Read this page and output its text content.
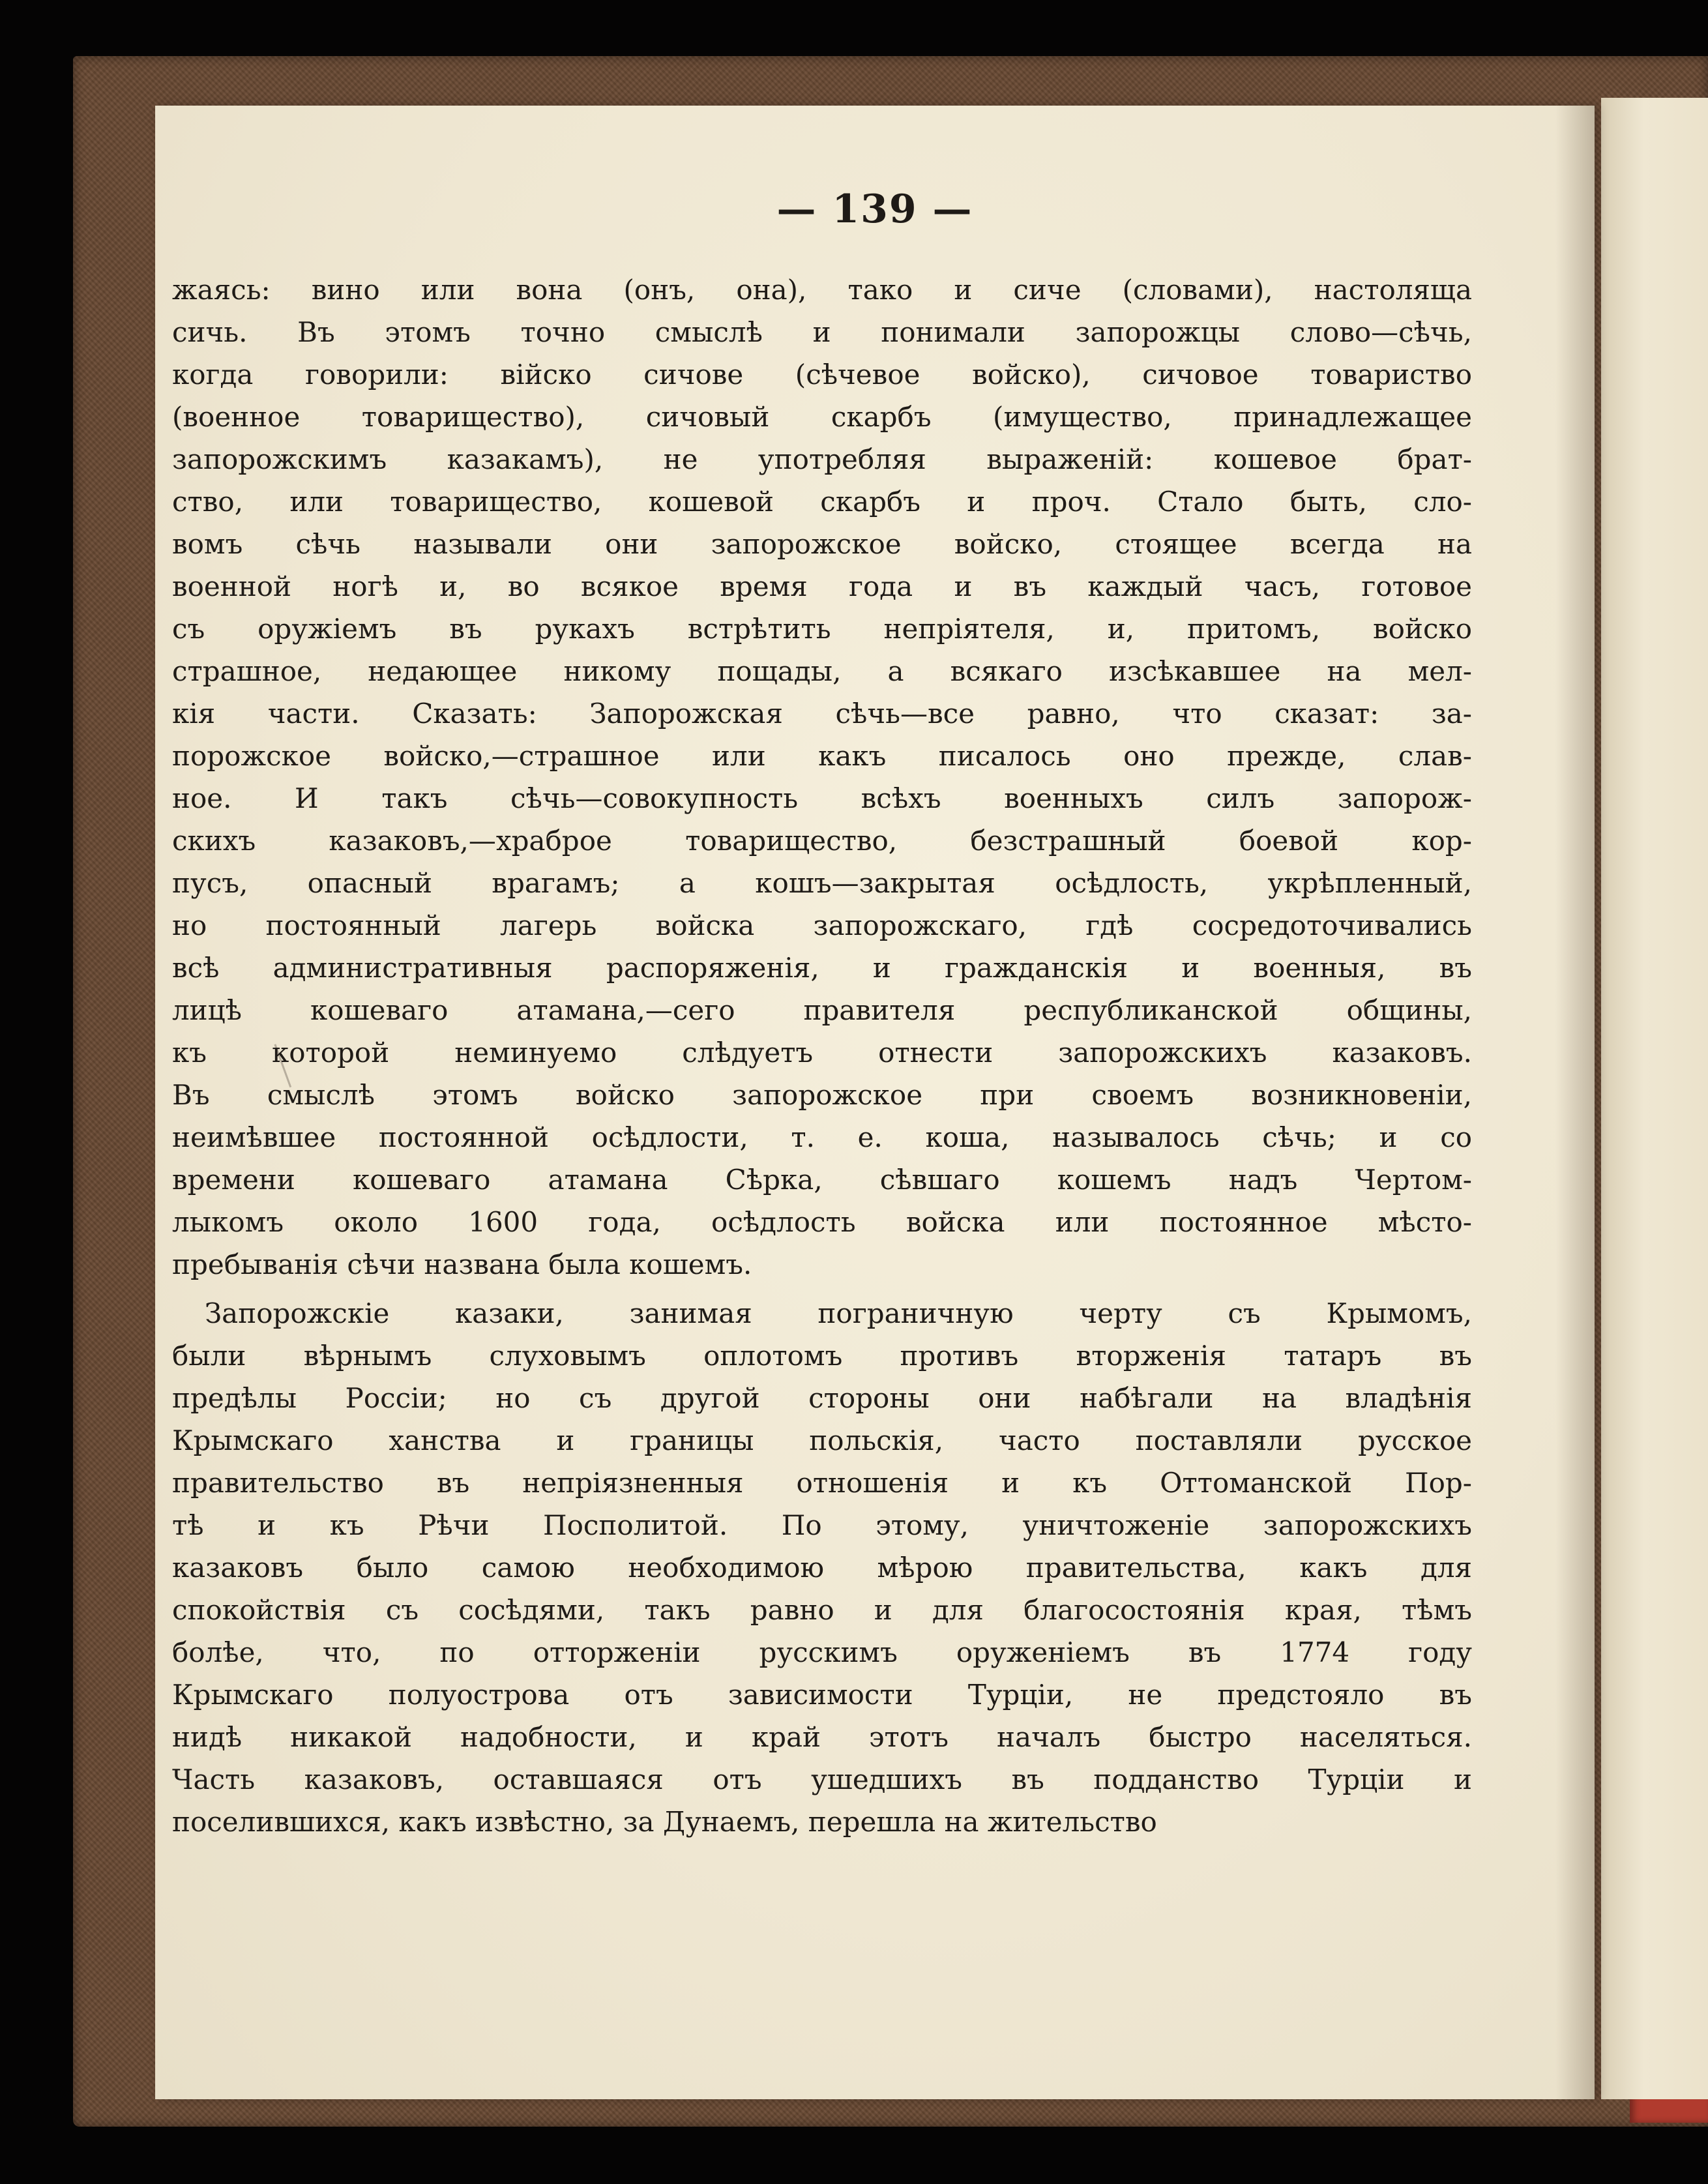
— 139 —
жаясь: вино или вона (онъ, она), тако и сиче (словами), настоляща
сичь. Въ этомъ точно смыслѣ и понимали запорожцы слово—сѣчь,
когда говорили: війско сичове (сѣчевое войско), сичовое товариство
(военное товарищество), сичовый скарбъ (имущество, принадлежащее
запорожскимъ казакамъ), не употребляя выраженій: кошевое брат-
ство, или товарищество, кошевой скарбъ и проч. Стало быть, сло-
вомъ сѣчь называли они запорожское войско, стоящее всегда на
военной ногѣ и, во всякое время года и въ каждый часъ, готовое
съ оружіемъ въ рукахъ встрѣтить непріятеля, и, притомъ, войско
страшное, недающее никому пощады, а всякаго изсѣкавшее на мел-
кія части. Сказать: Запорожская сѣчь—все равно, что сказат: за-
порожское войско,—страшное или какъ писалось оно прежде, слав-
ное. И такъ сѣчь—совокупность всѣхъ военныхъ силъ запорож-
скихъ казаковъ,—храброе товарищество, безстрашный боевой кор-
пусъ, опасный врагамъ; а кошъ—закрытая осѣдлость, укрѣпленный,
но постоянный лагерь войска запорожскаго, гдѣ сосредоточивались
всѣ административныя распоряженія, и гражданскія и военныя, въ
лицѣ кошеваго атамана,—сего правителя республиканской общины,
къ которой неминуемо слѣдуетъ отнести запорожскихъ казаковъ.
Въ смыслѣ этомъ войско запорожское при своемъ возникновеніи,
неимѣвшее постоянной осѣдлости, т. е. коша, называлось сѣчь; и со
времени кошеваго атамана Сѣрка, сѣвшаго кошемъ надъ Чертом-
лыкомъ около 1600 года, осѣдлость войска или постоянное мѣсто-
пребыванія сѣчи названа была кошемъ.
Запорожскіе казаки, занимая пограничную черту съ Крымомъ,
были вѣрнымъ слуховымъ оплотомъ противъ вторженія татаръ въ
предѣлы Россіи; но съ другой стороны они набѣгали на владѣнія
Крымскаго ханства и границы польскія, часто поставляли русское
правительство въ непріязненныя отношенія и къ Оттоманской Пор-
тѣ и къ Рѣчи Посполитой. По этому, уничтоженіе запорожскихъ
казаковъ было самою необходимою мѣрою правительства, какъ для
спокойствія съ сосѣдями, такъ равно и для благосостоянія края, тѣмъ
болѣе, что, по отторженіи русскимъ оруженіемъ въ 1774 году
Крымскаго полуострова отъ зависимости Турціи, не предстояло въ
нидѣ никакой надобности, и край этотъ началъ быстро населяться.
Часть казаковъ, оставшаяся отъ ушедшихъ въ подданство Турціи и
поселившихся, какъ извѣстно, за Дунаемъ, перешла на жительство
